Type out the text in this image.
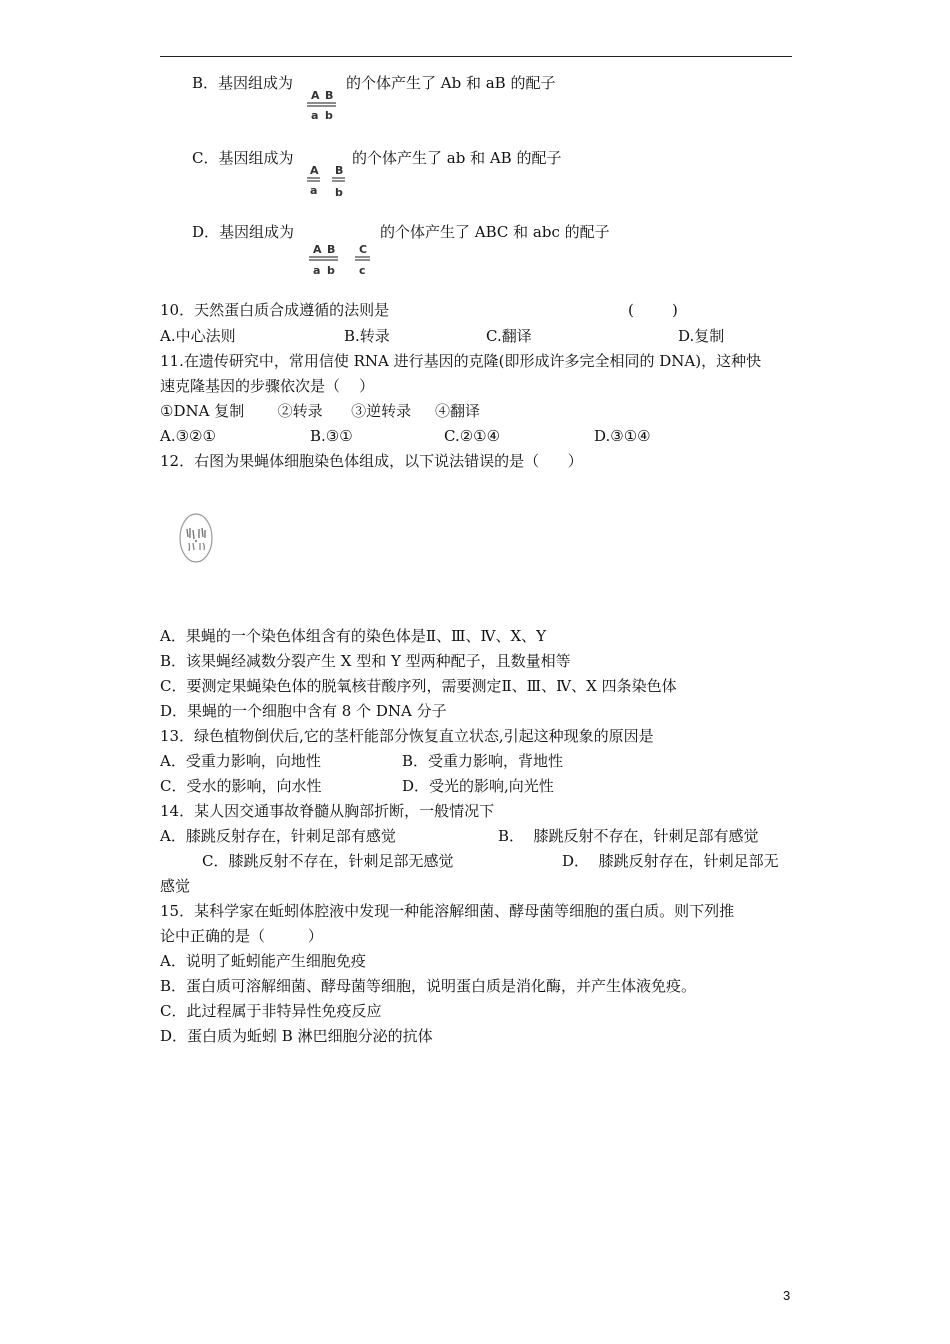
B．基因组成为
A B
a b
的个体产生了 Ab 和 aB 的配子
C．基因组成为
A
a
B
b
的个体产生了 ab 和 AB 的配子
D．基因组成为
A B
a b
C
c
的个体产生了 ABC 和 abc 的配子
10．天然蛋白质合成遵循的法则是	(        )
A.中心法则	B.转录	C.翻译	D.复制
11.在遗传研究中，常用信使 RNA 进行基因的克隆(即形成许多完全相同的 DNA)，这种快
速克隆基因的步骤依次是（    ）
①DNA 复制       ②转录      ③逆转录     ④翻译
A.③②①	B.③①	C.②①④	D.③①④
12．右图为果蝇体细胞染色体组成，以下说法错误的是（      ）
A．果蝇的一个染色体组含有的染色体是Ⅱ、Ⅲ、Ⅳ、X、Y
B．该果蝇经减数分裂产生 X 型和 Y 型两种配子，且数量相等
C．要测定果蝇染色体的脱氧核苷酸序列，需要测定Ⅱ、Ⅲ、Ⅳ、X 四条染色体
D．果蝇的一个细胞中含有 8 个 DNA 分子
13．绿色植物倒伏后,它的茎杆能部分恢复直立状态,引起这种现象的原因是
A．受重力影响，向地性	B．受重力影响，背地性
C．受水的影响，向水性	D．受光的影响,向光性
14．某人因交通事故脊髓从胸部折断，一般情况下
A．膝跳反射存在，针刺足部有感觉	B．  膝跳反射不存在，针刺足部有感觉
C．膝跳反射不存在，针刺足部无感觉	D．  膝跳反射存在，针刺足部无
感觉
15．某科学家在蚯蚓体腔液中发现一种能溶解细菌、酵母菌等细胞的蛋白质。则下列推
论中正确的是（         ）
A．说明了蚯蚓能产生细胞免疫
B．蛋白质可溶解细菌、酵母菌等细胞，说明蛋白质是消化酶，并产生体液免疫。
C．此过程属于非特异性免疫反应
D．蛋白质为蚯蚓 B 淋巴细胞分泌的抗体
3
